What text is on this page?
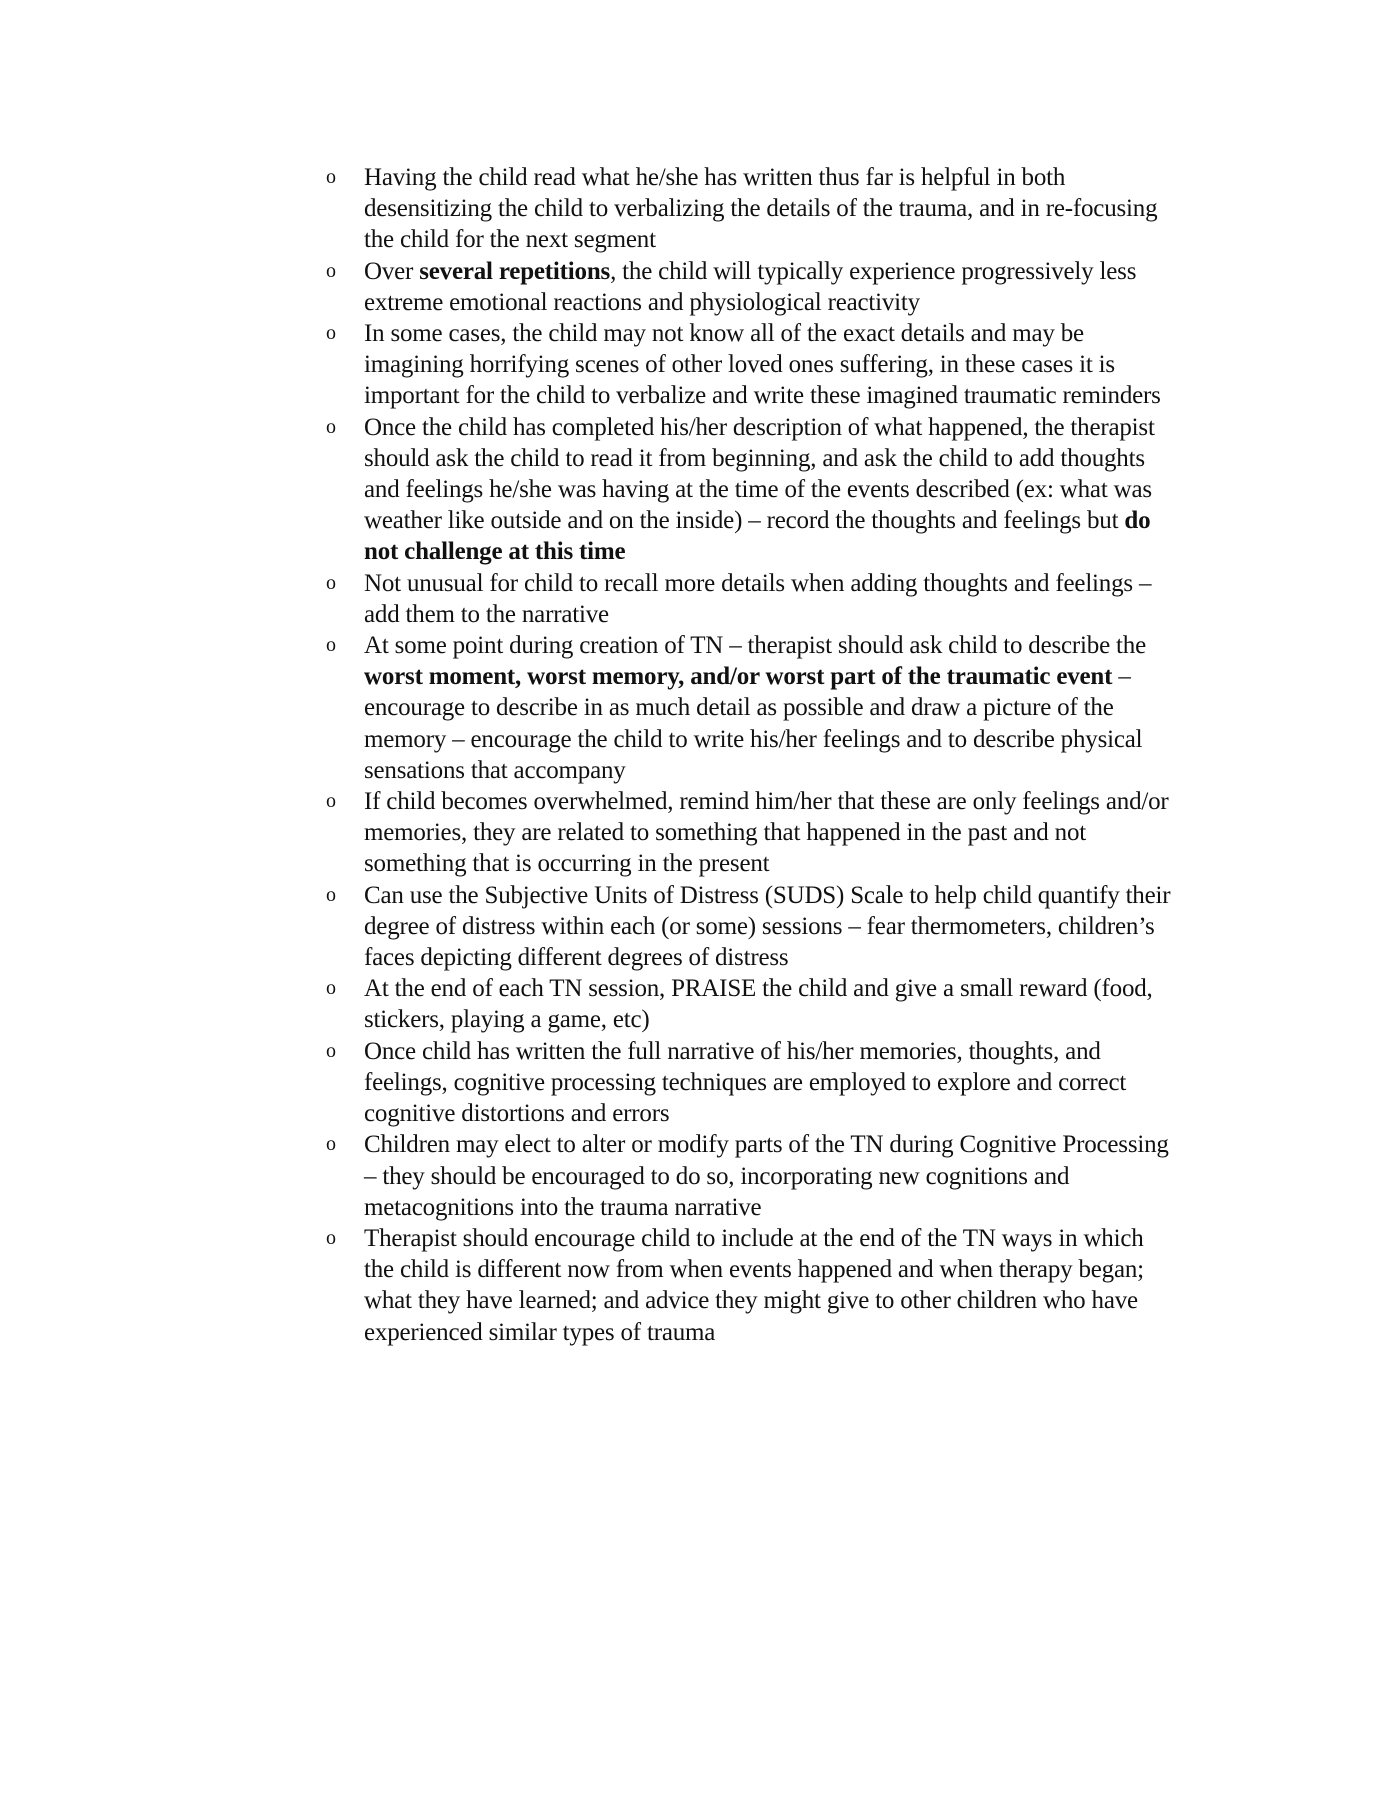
o Having the child read what he/she has written thus far is helpful in both desensitizing the child to verbalizing the details of the trauma, and in re-focusing the child for the next segment
o Over several repetitions, the child will typically experience progressively less extreme emotional reactions and physiological reactivity
o In some cases, the child may not know all of the exact details and may be imagining horrifying scenes of other loved ones suffering, in these cases it is important for the child to verbalize and write these imagined traumatic reminders
o Once the child has completed his/her description of what happened, the therapist should ask the child to read it from beginning, and ask the child to add thoughts and feelings he/she was having at the time of the events described (ex: what was weather like outside and on the inside) – record the thoughts and feelings but do not challenge at this time
o Not unusual for child to recall more details when adding thoughts and feelings – add them to the narrative
o At some point during creation of TN – therapist should ask child to describe the worst moment, worst memory, and/or worst part of the traumatic event – encourage to describe in as much detail as possible and draw a picture of the memory – encourage the child to write his/her feelings and to describe physical sensations that accompany
o If child becomes overwhelmed, remind him/her that these are only feelings and/or memories, they are related to something that happened in the past and not something that is occurring in the present
o Can use the Subjective Units of Distress (SUDS) Scale to help child quantify their degree of distress within each (or some) sessions – fear thermometers, children’s faces depicting different degrees of distress
o At the end of each TN session, PRAISE the child and give a small reward (food, stickers, playing a game, etc)
o Once child has written the full narrative of his/her memories, thoughts, and feelings, cognitive processing techniques are employed to explore and correct cognitive distortions and errors
o Children may elect to alter or modify parts of the TN during Cognitive Processing – they should be encouraged to do so, incorporating new cognitions and metacognitions into the trauma narrative
o Therapist should encourage child to include at the end of the TN ways in which the child is different now from when events happened and when therapy began; what they have learned; and advice they might give to other children who have experienced similar types of trauma
